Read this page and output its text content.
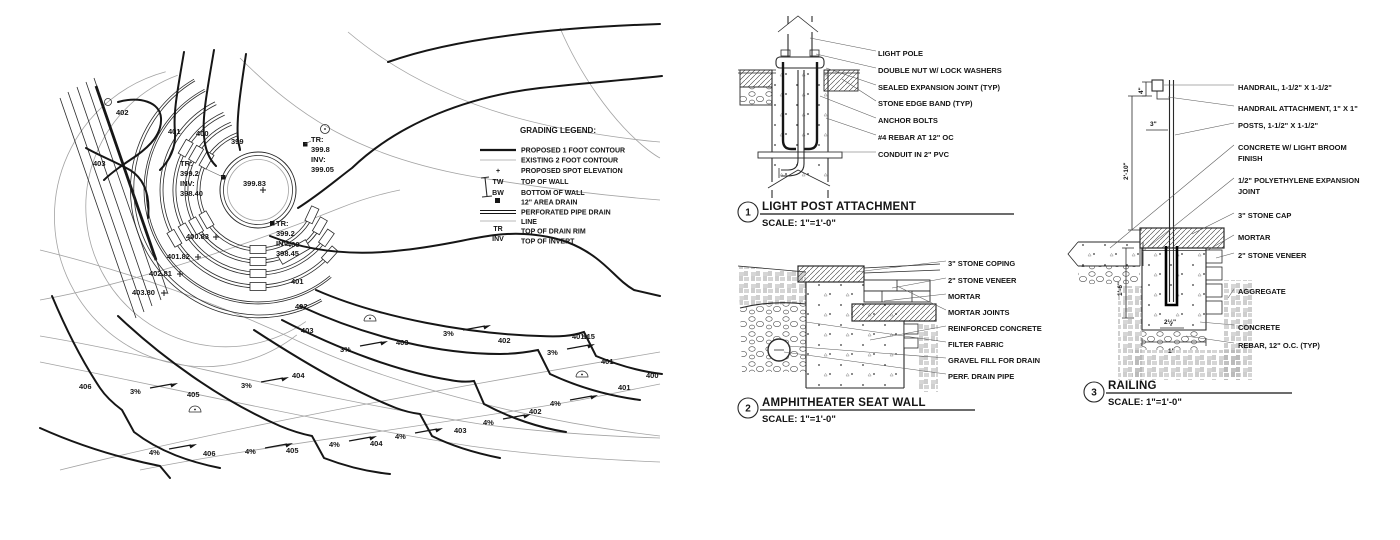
402
403
401 400
399
400
401
402
403
403	402
401
401
400
404
405
406
402
403
404
405
406
399.83
400.83
401.82
402.81
403.80
401.15
TR:
399.2
INV:
398.40
TR:
399.8
INV:
399.05
TR:
399.2
INV:
398.45
3%
3%
3%
3%
3%
4%	4%
4%
4%
4%
4%
GRADING LEGEND:
+
TW
BW
TR
INV
PROPOSED 1 FOOT CONTOUR
EXISTING 2 FOOT CONTOUR
PROPOSED SPOT ELEVATION
TOP OF WALL
BOTTOM OF WALL
12" AREA DRAIN
PERFORATED PIPE DRAIN
LINE
TOP OF DRAIN RIM
TOP OF INVERT
LIGHT POLE
DOUBLE NUT W/ LOCK WASHERS
SEALED EXPANSION JOINT (TYP)
STONE EDGE BAND (TYP)
ANCHOR BOLTS
#4 REBAR AT 12" OC
CONDUIT IN 2" PVC
1 LIGHT POST ATTACHMENT
SCALE: 1"=1'-0"
3" STONE COPING
2" STONE VENEER
MORTAR
MORTAR JOINTS
REINFORCED CONCRETE
FILTER FABRIC
GRAVEL FILL FOR DRAIN
PERF. DRAIN PIPE
2 AMPHITHEATER SEAT WALL
SCALE: 1"=1'-0"
4"
3"
2'-10"
1'-6"
2½"
1'
HANDRAIL, 1-1/2" X 1-1/2"
HANDRAIL ATTACHMENT, 1" X 1"
POSTS, 1-1/2" X 1-1/2"
CONCRETE W/ LIGHT BROOM
FINISH
1/2" POLYETHYLENE EXPANSION
JOINT
3" STONE CAP
MORTAR
2" STONE VENEER
AGGREGATE
CONCRETE
REBAR, 12" O.C. (TYP)
3
RAILING
SCALE: 1"=1'-0"
